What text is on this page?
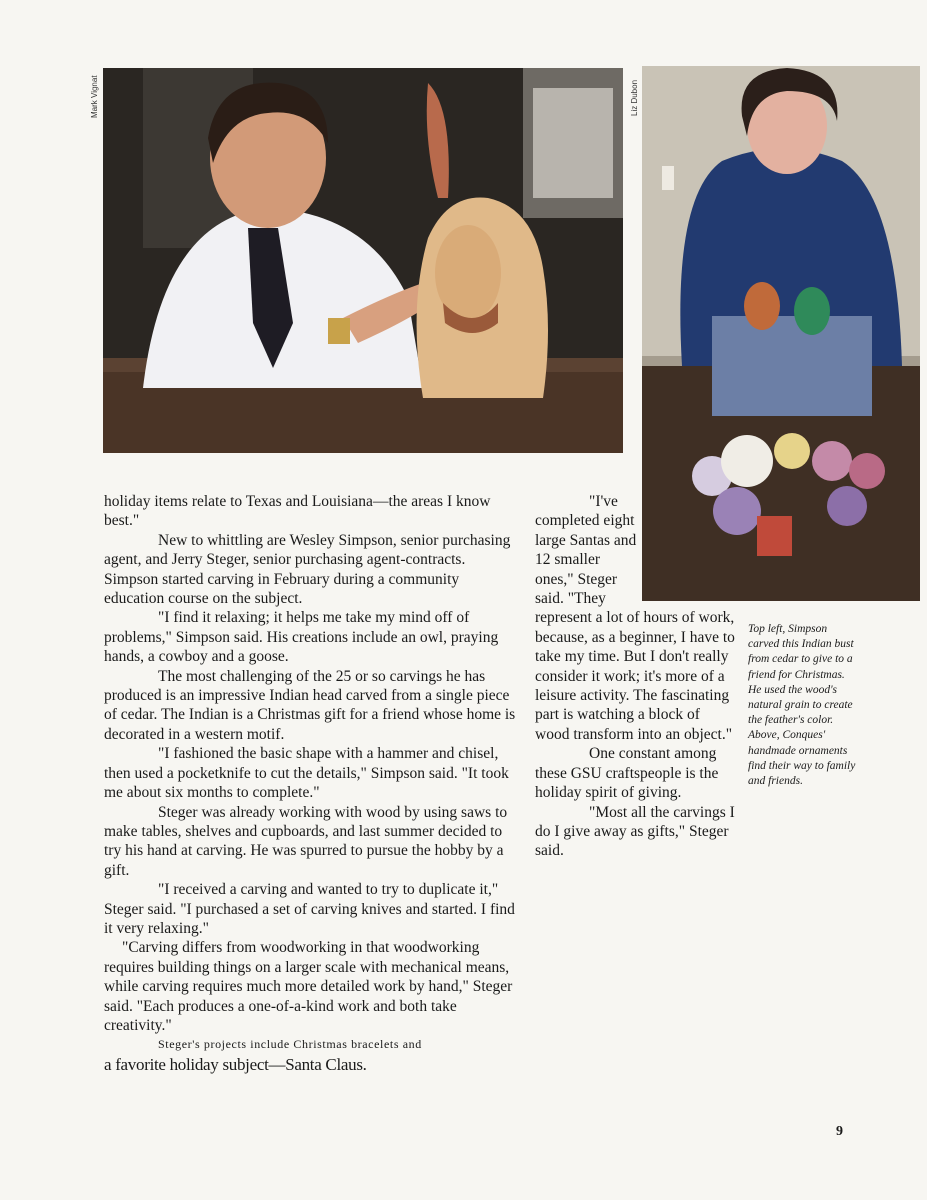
Mark Vignat	Liz Dubon

holiday items relate to Texas and Louisiana—the areas I know best."

New to whittling are Wesley Simpson, senior purchasing agent, and Jerry Steger, senior purchasing agent-contracts. Simpson started carving in February during a community education course on the subject.

"I find it relaxing; it helps me take my mind off of problems," Simpson said. His creations include an owl, praying hands, a cowboy and a goose.

The most challenging of the 25 or so carvings he has produced is an impressive Indian head carved from a single piece of cedar. The Indian is a Christmas gift for a friend whose home is decorated in a western motif.

"I fashioned the basic shape with a hammer and chisel, then used a pocketknife to cut the details," Simpson said. "It took me about six months to complete."

Steger was already working with wood by using saws to make tables, shelves and cupboards, and last summer decided to try his hand at carving. He was spurred to pursue the hobby by a gift.

"I received a carving and wanted to try to duplicate it," Steger said. "I purchased a set of carving knives and started. I find it very relaxing."

"Carving differs from woodworking in that woodworking requires building things on a larger scale with mechanical means, while carving requires much more detailed work by hand," Steger said. "Each produces a one-of-a-kind work and both take creativity."

Steger's projects include Christmas bracelets and

a favorite holiday subject—Santa Claus.

"I've completed eight large Santas and 12 smaller ones," Steger said. "They

represent a lot of hours of work, because, as a beginner, I have to take my time. But I don't really consider it work; it's more of a leisure activity. The fascinating part is watching a block of wood transform into an object."

One constant among these GSU craftspeople is the holiday spirit of giving.

"Most all the carvings I do I give away as gifts," Steger said.

Top left, Simpson carved this Indian bust from cedar to give to a friend for Christmas. He used the wood's natural grain to create the feather's color. Above, Conques' handmade ornaments find their way to family and friends.
9
